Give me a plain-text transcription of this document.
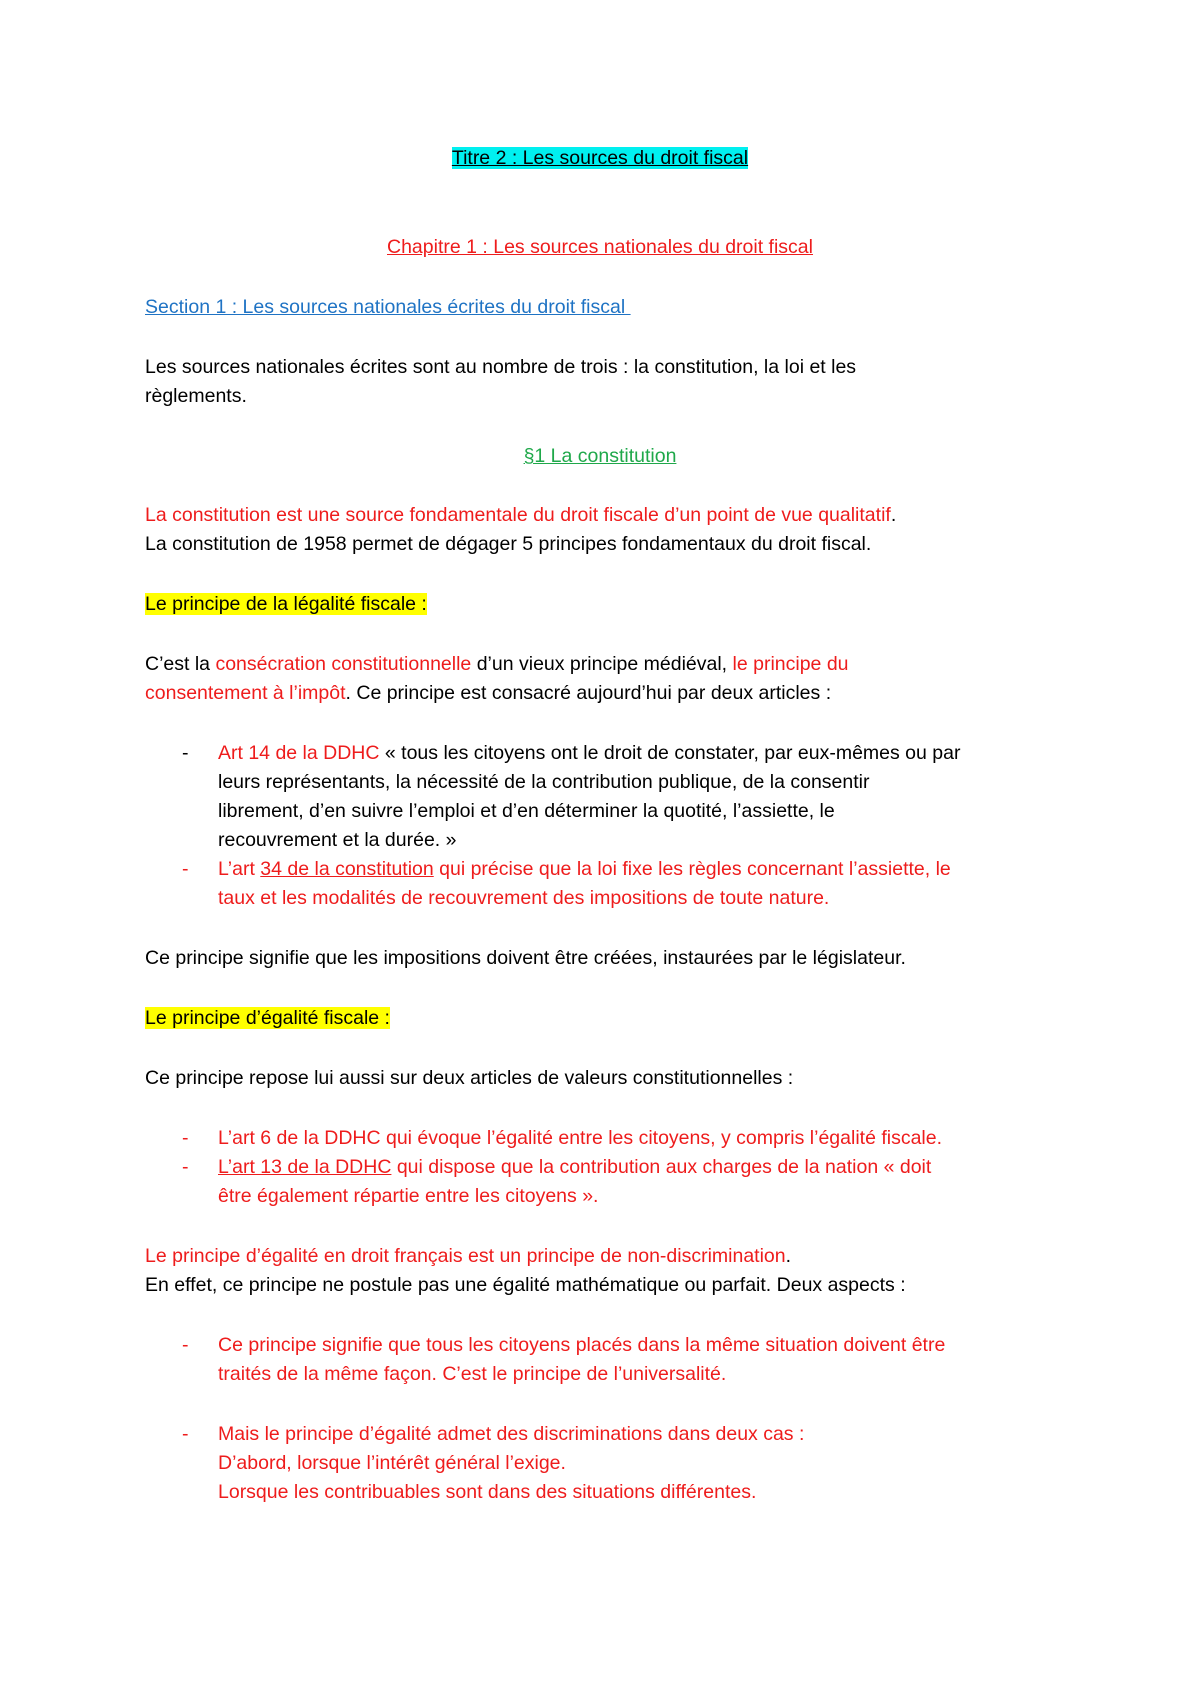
Titre 2 : Les sources du droit fiscal

Chapitre 1 : Les sources nationales du droit fiscal

Section 1 : Les sources nationales écrites du droit fiscal

Les sources nationales écrites sont au nombre de trois : la constitution, la loi et les

règlements.

§1 La constitution

La constitution est une source fondamentale du droit fiscale d’un point de vue qualitatif.

La constitution de 1958 permet de dégager 5 principes fondamentaux du droit fiscal.

Le principe de la légalité fiscale :

C’est la consécration constitutionnelle d’un vieux principe médiéval, le principe du

consentement à l’impôt. Ce principe est consacré aujourd’hui par deux articles :

- Art 14 de la DDHC « tous les citoyens ont le droit de constater, par eux-mêmes ou par

leurs représentants, la nécessité de la contribution publique, de la consentir

librement, d’en suivre l’emploi et d’en déterminer la quotité, l’assiette, le

recouvrement et la durée. »

- L’art 34 de la constitution qui précise que la loi fixe les règles concernant l’assiette, le

taux et les modalités de recouvrement des impositions de toute nature.

Ce principe signifie que les impositions doivent être créées, instaurées par le législateur.

Le principe d’égalité fiscale :

Ce principe repose lui aussi sur deux articles de valeurs constitutionnelles :

- L’art 6 de la DDHC qui évoque l’égalité entre les citoyens, y compris l’égalité fiscale.

- L’art 13 de la DDHC qui dispose que la contribution aux charges de la nation « doit

être également répartie entre les citoyens ».

Le principe d’égalité en droit français est un principe de non-discrimination.

En effet, ce principe ne postule pas une égalité mathématique ou parfait. Deux aspects :

- Ce principe signifie que tous les citoyens placés dans la même situation doivent être

traités de la même façon. C’est le principe de l’universalité.

- Mais le principe d’égalité admet des discriminations dans deux cas :

D’abord, lorsque l’intérêt général l’exige.

Lorsque les contribuables sont dans des situations différentes.
